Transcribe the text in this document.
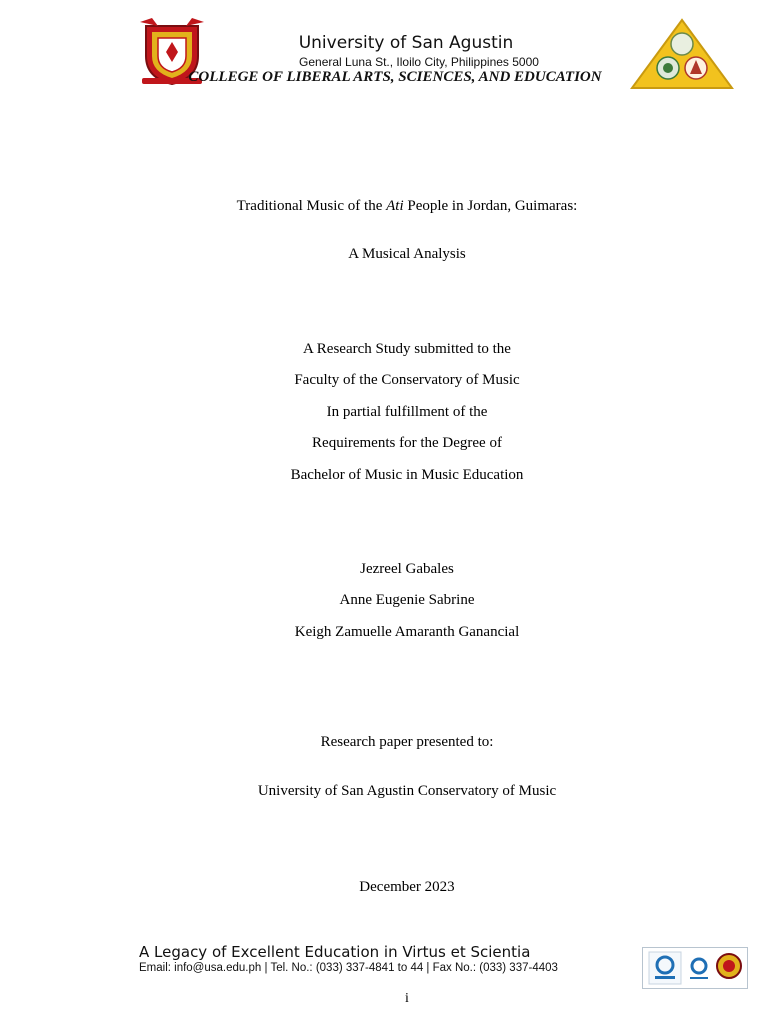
University of San Agustin
General Luna St., Iloilo City, Philippines 5000
COLLEGE OF LIBERAL ARTS, SCIENCES, AND EDUCATION
Traditional Music of the Ati People in Jordan, Guimaras:
A Musical Analysis
A Research Study submitted to the
Faculty of the Conservatory of Music
In partial fulfillment of the
Requirements for the Degree of
Bachelor of Music in Music Education
Jezreel Gabales
Anne Eugenie Sabrine
Keigh Zamuelle Amaranth Ganancial
Research paper presented to:
University of San Agustin Conservatory of Music
December 2023
A Legacy of Excellent Education in Virtus et Scientia
Email: info@usa.edu.ph | Tel. No.: (033) 337-4841 to 44 | Fax No.: (033) 337-4403
i
